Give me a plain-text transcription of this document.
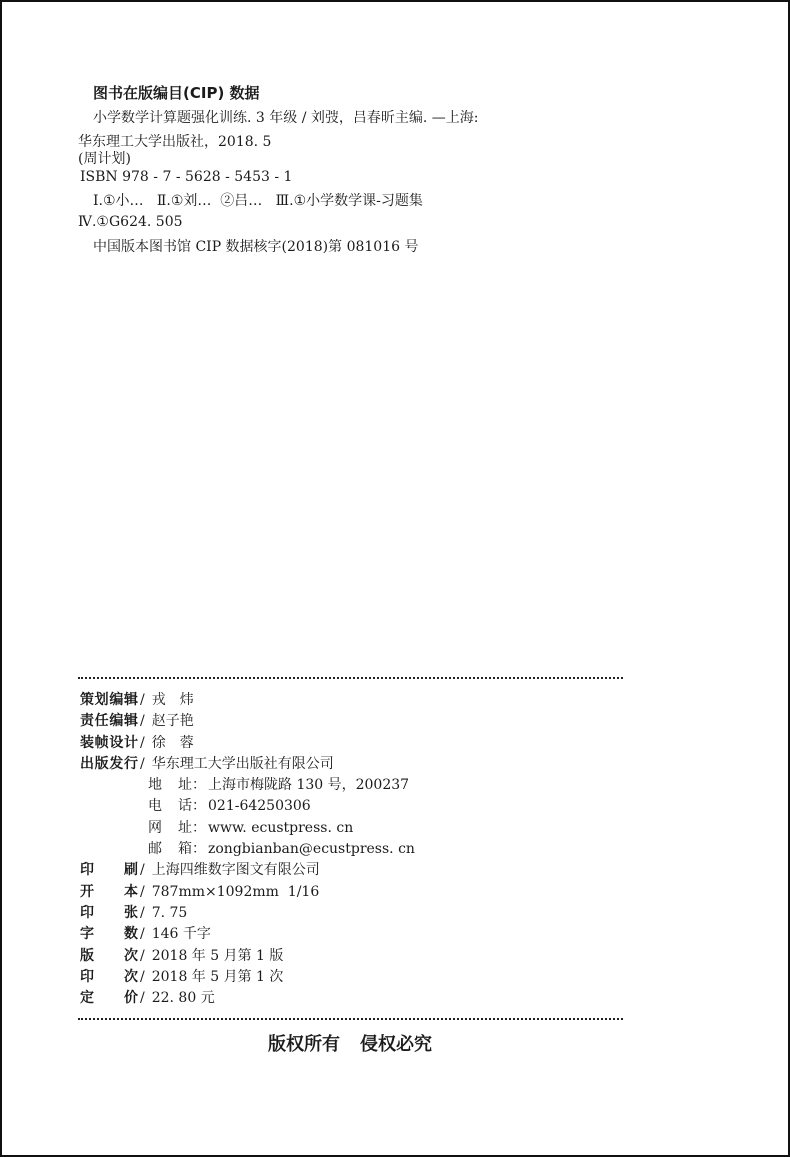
图书在版编目(CIP) 数据
小学数学计算题强化训练. 3 年级 / 刘弢，吕春昕主编. —上海:
华东理工大学出版社，2018. 5
(周计划)
ISBN 978 - 7 - 5628 - 5453 - 1
Ⅰ.①小…   Ⅱ.①刘…  ②吕…   Ⅲ.①小学数学课-习题集
Ⅳ.①G624. 505
中国版本图书馆 CIP 数据核字(2018)第 081016 号
策划编辑 / 戎　炜
责任编辑 / 赵子艳
装帧设计 / 徐　蓉
出版发行 / 华东理工大学出版社有限公司
地 址 ： 上海市梅陇路 130 号，200237
电 话 ： 021-64250306
网 址 ： www. ecustpress. cn
邮 箱 ： zongbianban@ecustpress. cn
印 刷 / 上海四维数字图文有限公司
开 本 / 787mm×1092mm  1/16
印 张 / 7. 75
字 数 / 146 千字
版 次 / 2018 年 5 月第 1 版
印 次 / 2018 年 5 月第 1 次
定 价 / 22. 80 元
版权所有 侵权必究
